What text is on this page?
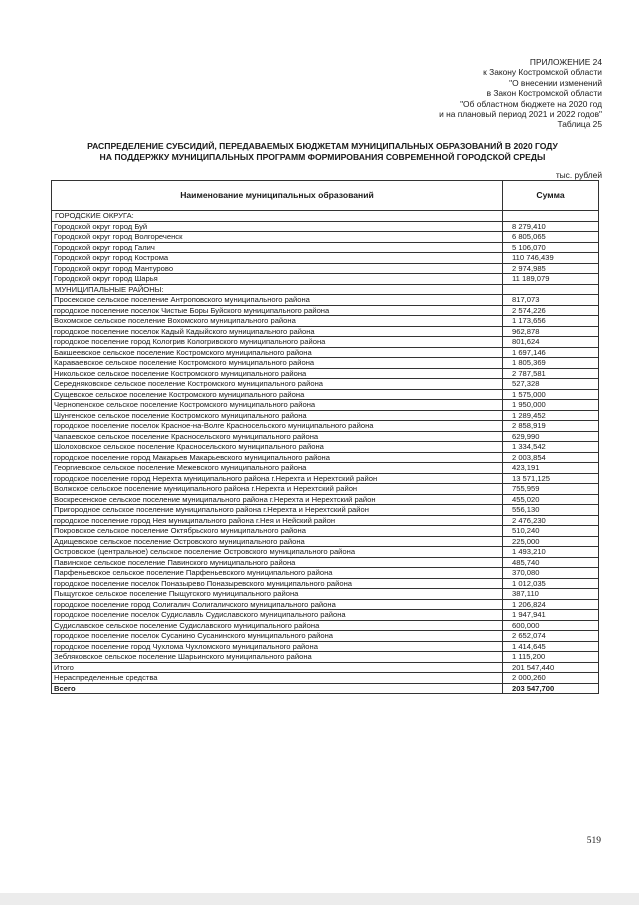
ПРИЛОЖЕНИЕ 24
к Закону Костромской области
"О внесении изменений
в Закон Костромской области
"Об областном бюджете на 2020 год
и на плановый период 2021 и 2022 годов"
Таблица 25
РАСПРЕДЕЛЕНИЕ СУБСИДИЙ, ПЕРЕДАВАЕМЫХ БЮДЖЕТАМ МУНИЦИПАЛЬНЫХ ОБРАЗОВАНИЙ В 2020 ГОДУ
НА ПОДДЕРЖКУ МУНИЦИПАЛЬНЫХ ПРОГРАММ ФОРМИРОВАНИЯ СОВРЕМЕННОЙ ГОРОДСКОЙ СРЕДЫ
тыс. рублей
Наименование муниципальных образований	Сумма
ГОРОДСКИЕ ОКРУГА:	
Городской округ город Буй	8 279,410
Городской округ город Волгореченск	6 805,065
Городской округ город Галич	5 106,070
Городской округ город Кострома	110 746,439
Городской округ город Мантурово	2 974,985
Городской округ город Шарья	11 189,079
МУНИЦИПАЛЬНЫЕ РАЙОНЫ:	
Просекское сельское поселение Антроповского муниципального района	817,073
городское поселение поселок Чистые Боры Буйского муниципального района	2 574,226
Вохомское сельское поселение Вохомского муниципального района	1 173,656
городское поселение поселок Кадый Кадыйского муниципального района	962,878
городское поселение город Кологрив Кологривского муниципального района	801,624
Бакшеевское сельское поселение Костромского муниципального района	1 697,146
Караваевское сельское поселение Костромского муниципального района	1 805,369
Никольское сельское поселение Костромского муниципального района	2 787,581
Середняковское сельское поселение Костромского муниципального района	527,328
Сущевское сельское поселение Костромского муниципального района	1 575,000
Чернопенское сельское поселение Костромского муниципального района	1 950,000
Шунгенское сельское поселение Костромского муниципального района	1 289,452
городское поселение поселок Красное-на-Волге Красносельского муниципального района	2 858,919
Чапаевское сельское поселение Красносельского муниципального района	629,990
Шолоховское сельское поселение Красносельского муниципального района	1 334,542
городское поселение город Макарьев Макарьевского муниципального района	2 003,854
Георгиевское сельское поселение Межевского муниципального района	423,191
городское поселение город Нерехта муниципального района г.Нерехта и Нерехтский район	13 571,125
Волжское сельское поселение муниципального района г.Нерехта и Нерехтский район	755,959
Воскресенское сельское поселение муниципального района г.Нерехта и Нерехтский район	455,020
Пригородное сельское поселение муниципального района г.Нерехта и Нерехтский район	556,130
городское поселение город Нея муниципального района г.Нея и Нейский район	2 476,230
Покровское сельское поселение Октябрьского муниципального района	510,240
Адищевское сельское поселение Островского муниципального района	225,000
Островское (центральное) сельское поселение Островского муниципального района	1 493,210
Павинское сельское поселение Павинского муниципального района	485,740
Парфеньевское сельское поселение Парфеньевского муниципального района	370,080
городское поселение поселок Поназырево Поназыревского муниципального района	1 012,035
Пыщугское сельское поселение Пыщугского муниципального района	387,110
городское поселение город Солигалич Солигаличского муниципального района	1 206,824
городское поселение поселок Судиславль Судиславского муниципального района	1 947,941
Судиславское сельское поселение Судиславского муниципального района	600,000
городское поселение поселок Сусанино Сусанинского муниципального района	2 652,074
городское поселение город Чухлома Чухломского муниципального района	1 414,645
Зебляковское сельское поселение Шарьинского муниципального района	1 115,200
Итого	201 547,440
Нераспределенные средства	2 000,260
Всего	203 547,700
519
